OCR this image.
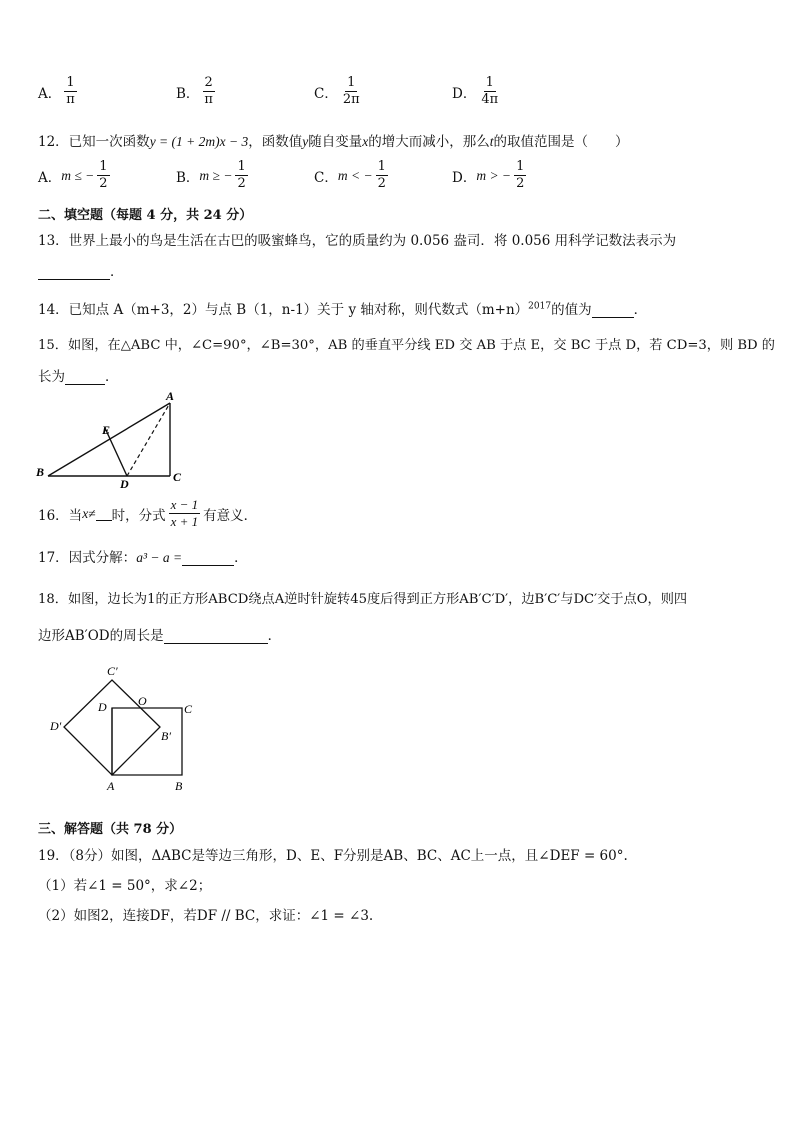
A． $\frac{1}{\pi}$	B． $\frac{2}{\pi}$	C． $\frac{1}{2\pi}$	D． $\frac{1}{4\pi}$
12．已知一次函数y = (1 + 2m)x − 3，函数值y随自变量x的增大而减小，那么t的取值范围是（　　）
A． m ≤ − $\frac{1}{2}$	B． m ≥ − $\frac{1}{2}$	C． m < − $\frac{1}{2}$	D． m > − $\frac{1}{2}$
二、填空题（每题 4 分，共 24 分）
13．世界上最小的鸟是生活在古巴的吸蜜蜂鸟，它的质量约为 0.056 盎司．将 0.056 用科学记数法表示为
．
14．已知点 A（m+3，2）与点 B（1，n-1）关于 y 轴对称，则代数式$(m+n)^{2017}$的值为	．
15．如图，在△ABC 中，∠C=90°，∠B=30°，AB 的垂直平分线 ED 交 AB 于点 E，交 BC 于点 D，若 CD=3，则 BD 的
长为	．
A
B	C
D
E
16．当 x≠ 时，分式 $\frac{x - 1}{x + 1}$ 有意义．
17．因式分解：a³ − a =	．
18．如图，边长为1的正方形ABCD绕点A逆时针旋转45度后得到正方形AB′C′D′，边B′C′与DC′交于点O，则四
边形AB′OD的周长是	．
C′
D	O
C
D′
B′
A	B
三、解答题（共 78 分）
19．（8分）如图，ΔABC是等边三角形，D、E、F分别是AB、BC、AC上一点，且∠DEF = 60°.
（1）若∠1 = 50°，求∠2；
（2）如图2，连接DF，若DF // BC，求证：∠1 = ∠3.
